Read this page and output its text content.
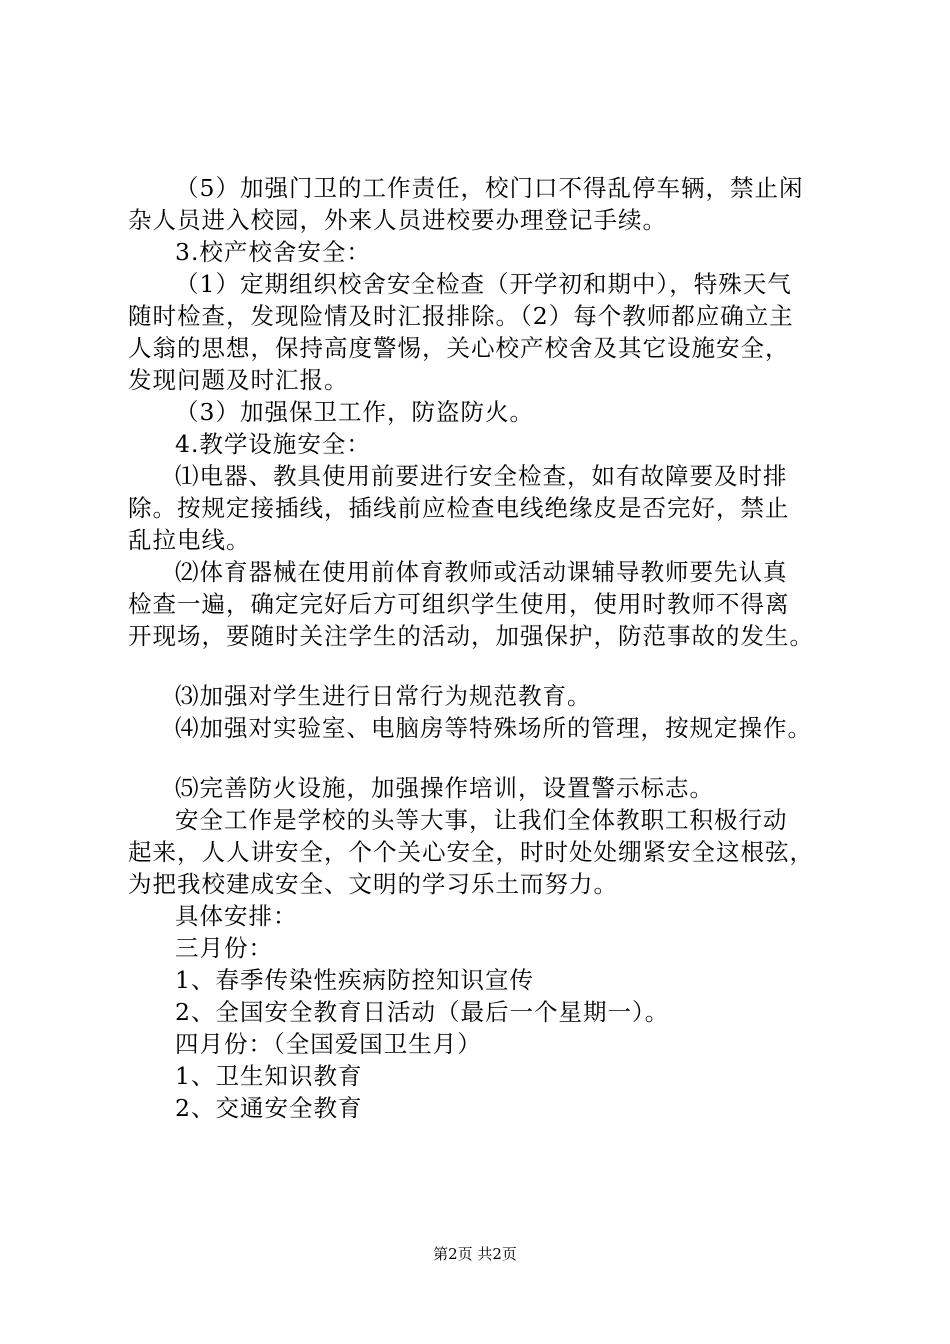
（5）加强门卫的工作责任，校门口不得乱停车辆，禁止闲
杂人员进入校园，外来人员进校要办理登记手续。
3.校产校舍安全：
（1）定期组织校舍安全检查（开学初和期中），特殊天气
随时检查，发现险情及时汇报排除。（2）每个教师都应确立主
人翁的思想，保持高度警惕，关心校产校舍及其它设施安全，
发现问题及时汇报。
（3）加强保卫工作，防盗防火。
4.教学设施安全：
⑴电器、教具使用前要进行安全检查，如有故障要及时排
除。按规定接插线，插线前应检查电线绝缘皮是否完好，禁止
乱拉电线。
⑵体育器械在使用前体育教师或活动课辅导教师要先认真
检查一遍，确定完好后方可组织学生使用，使用时教师不得离
开现场，要随时关注学生的活动，加强保护，防范事故的发生。
⑶加强对学生进行日常行为规范教育。
⑷加强对实验室、电脑房等特殊场所的管理，按规定操作。
⑸完善防火设施，加强操作培训，设置警示标志。
安全工作是学校的头等大事，让我们全体教职工积极行动
起来，人人讲安全，个个关心安全，时时处处绷紧安全这根弦，
为把我校建成安全、文明的学习乐土而努力。
具体安排：
三月份：
1、春季传染性疾病防控知识宣传
2、全国安全教育日活动（最后一个星期一）。
四月份：（全国爱国卫生月）
1、卫生知识教育
2、交通安全教育
第2页 共2页
